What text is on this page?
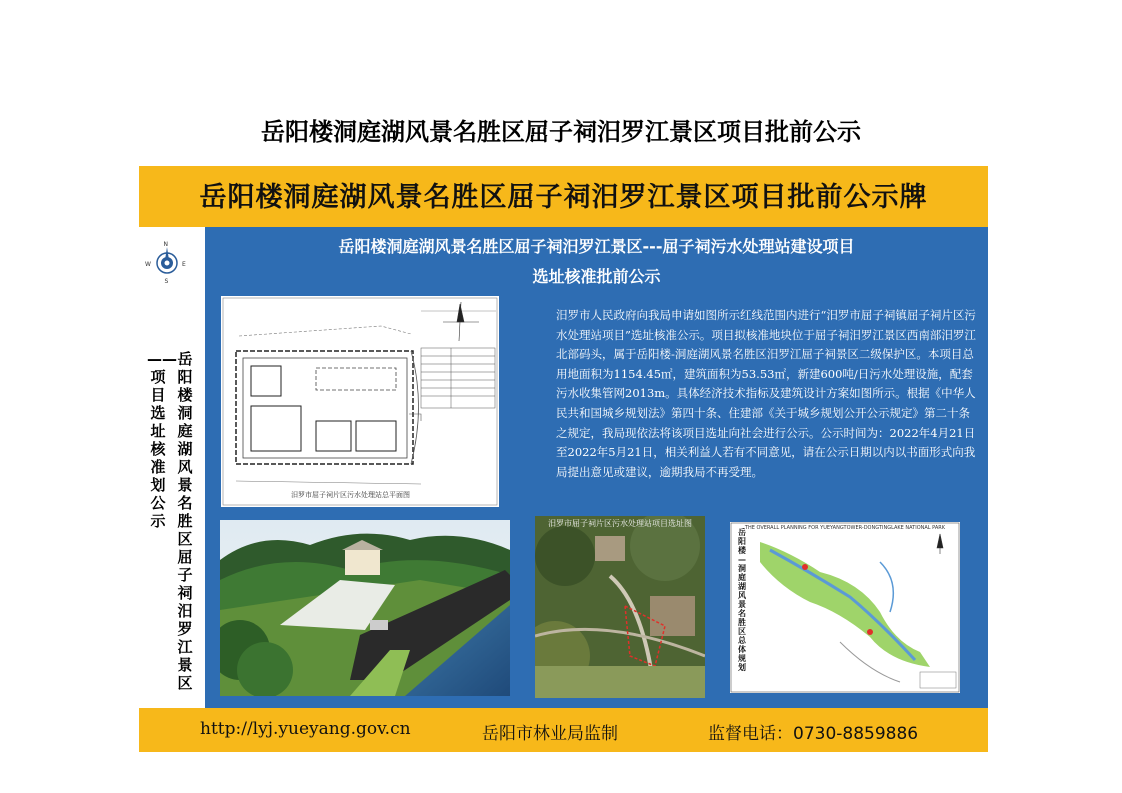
岳阳楼洞庭湖风景名胜区屈子祠汨罗江景区项目批前公示
岳阳楼洞庭湖风景名胜区屈子祠汨罗江景区项目批前公示牌
N
W	E
S
——项目选址核准划公示
岳阳楼洞庭湖风景名胜区屈子祠汨罗江景区
岳阳楼洞庭湖风景名胜区屈子祠汨罗江景区---屈子祠污水处理站建设项目
选址核准批前公示
汨罗市屈子祠片区污水处理站总平面图

汨罗市人民政府向我局申请如图所示红线范围内进行“汨罗市屈子祠镇屈子祠片区污水处理站项目”选址核准公示。项目拟核准地块位于屈子祠汨罗江景区西南部汨罗江北部码头，属于岳阳楼-洞庭湖风景名胜区汨罗江屈子祠景区二级保护区。本项目总用地面积为1154.45㎡，建筑面积为53.53㎡，新建600吨/日污水处理设施，配套污水收集管网2013m。具体经济技术指标及建筑设计方案如图所示。根据《中华人民共和国城乡规划法》第四十条、住建部《关于城乡规划公开公示规定》第二十条之规定，我局现依法将该项目选址向社会进行公示。公示时间为：2022年4月21日至2022年5月21日，相关利益人若有不同意见，请在公示日期以内以书面形式向我局提出意见或建议，逾期我局不再受理。

汨罗市屈子祠片区污水处理站项目选址图	THE OVERALL PLANNING FOR YUEYANGTOWER-DONGTINGLAKE NATIONAL PARK
岳阳楼—洞庭湖风景名胜区总体规划
http://lyj.yueyang.gov.cn	岳阳市林业局监制	监督电话：0730-8859886
